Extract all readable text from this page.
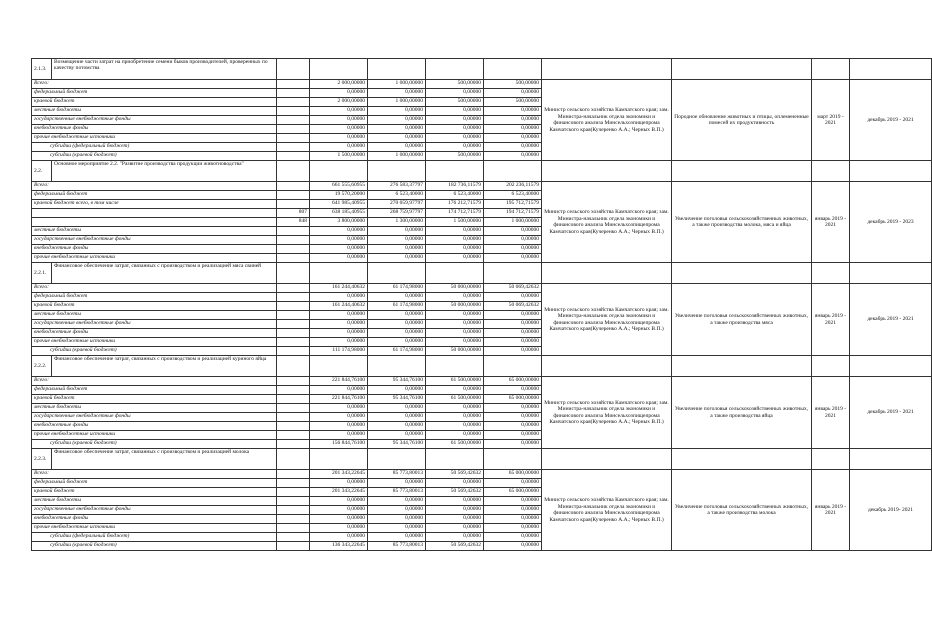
2.1.3.	Возмещение части затрат на приобретение семени быков производителей, проверенных по качеству потомства									
Всего:			2 000,00000	1 000,00000	500,00000	500,00000	Министр сельского хозяйства Камчатского края; зам. Министра-начальник отдела экономики и финансового анализа Минсельхозпищепрома Камчатского края(Кучеренко А.А.; Черных В.П.)	Породное обновление животных и птицы, оплемененные помесей их продуктивность	март 2019 - 2021	декабрь 2019 - 2021
федеральный бюджет			0,00000	0,00000	0,00000	0,00000				
краевой бюджет			2 000,00000	1 000,00000	500,00000	500,00000				
местные бюджеты			0,00000	0,00000	0,00000	0,00000				
государственные внебюджетные фонды			0,00000	0,00000	0,00000	0,00000				
внебюджетные фонды			0,00000	0,00000	0,00000	0,00000				
прочие внебюджетные источники			0,00000	0,00000	0,00000	0,00000				
субсидии (федеральный бюджет)			0,00000	0,00000	0,00000	0,00000				
субсидии (краевой бюджет)			1 500,00000	1 000,00000	500,00000	0,00000				
2.2.	Основное мероприятие 2.2. "Развитие производства продукции животноводства"									
Всего:			661 555,60955	276 583,37797	182 736,11579	202 236,11579	Министр сельского хозяйства Камчатского края; зам. Министра-начальник отдела экономики и финансового анализа Минсельхозпищепрома Камчатского края(Кучеренко А.А.; Черных В.П.)	Увеличение поголовья сельскохозяйственных животных, а также производства молока, мяса и яйца	январь 2019 - 2021	декабрь 2019 - 2023
федеральный бюджет			19 570,20000	6 523,40000	6 523,40000	6 523,40000				
краевой бюджет всего, в том числе			641 985,40955	270 059,97797	176 212,71579	195 712,71579				
		807	638 185,40955	268 759,97797	174 712,71579	194 712,71579				
		848	3 800,00000	1 300,00000	1 500,00000	1 000,00000				
местные бюджеты			0,00000	0,00000	0,00000	0,00000				
государственные внебюджетные фонды			0,00000	0,00000	0,00000	0,00000				
внебюджетные фонды			0,00000	0,00000	0,00000	0,00000				
прочие внебюджетные источники			0,00000	0,00000	0,00000	0,00000				
2.2.1.	Финансовое обеспечение затрат, связанных с производством и реализацией мяса свиней									
Всего:			161 244,40632	61 174,98000	50 000,00000	50 069,42632	Министр сельского хозяйства Камчатского края; зам. Министра-начальник отдела экономики и финансового анализа Минсельхозпищепрома Камчатского края(Кучеренко А.А.; Черных В.П.)	Увеличение поголовья сельскохозяйственных животных, а также производства мяса	январь 2019 - 2021	декабрь 2019 - 2021
федеральный бюджет			0,00000	0,00000	0,00000	0,00000				
краевой бюджет			161 244,40632	61 174,98000	50 000,00000	50 069,42632				
местные бюджеты			0,00000	0,00000	0,00000	0,00000				
государственные внебюджетные фонды			0,00000	0,00000	0,00000	0,00000				
внебюджетные фонды			0,00000	0,00000	0,00000	0,00000				
прочие внебюджетные источники			0,00000	0,00000	0,00000	0,00000				
субсидии (краевой бюджет)			111 174,98000	61 174,98000	50 000,00000	0,00000				
2.2.2.	Финансовое обеспечение затрат, связанных с производством и реализацией куриного яйца									
Всего:			221 844,76100	95 344,76100	61 500,00000	65 000,00000	Министр сельского хозяйства Камчатского края; зам. Министра-начальник отдела экономики и финансового анализа Минсельхозпищепрома Камчатского края(Кучеренко А.А.; Черных В.П.)	Увеличение поголовья сельскохозяйственных животных, а также производства яйца	январь 2019 - 2021	декабрь 2019 - 2021
федеральный бюджет			0,00000	0,00000	0,00000	0,00000				
краевой бюджет			221 844,76100	95 344,76100	61 500,00000	65 000,00000				
местные бюджеты			0,00000	0,00000	0,00000	0,00000				
государственные внебюджетные фонды			0,00000	0,00000	0,00000	0,00000				
внебюджетные фонды			0,00000	0,00000	0,00000	0,00000				
прочие внебюджетные источники			0,00000	0,00000	0,00000	0,00000				
субсидии (краевой бюджет)			156 844,76100	95 344,76100	61 500,00000	0,00000				
2.2.3.	Финансовое обеспечение затрат, связанных с производством и реализацией молока									
Всего:			201 343,22645	85 773,80013	50 569,42632	65 000,00000	Министр сельского хозяйства Камчатского края; зам. Министра-начальник отдела экономики и финансового анализа Минсельхозпищепрома Камчатского края(Кучеренко А.А.; Черных В.П.)	Увеличение поголовья сельскохозяйственных животных, а также производства молока	январь 2019 - 2021	декабрь 2019- 2021
федеральный бюджет			0,00000	0,00000	0,00000	0,00000				
краевой бюджет			201 343,22645	85 773,80013	50 569,42632	65 000,00000				
местные бюджеты			0,00000	0,00000	0,00000	0,00000				
государственные внебюджетные фонды			0,00000	0,00000	0,00000	0,00000				
внебюджетные фонды			0,00000	0,00000	0,00000	0,00000				
прочие внебюджетные источники			0,00000	0,00000	0,00000	0,00000				
субсидии (федеральный бюджет)			0,00000	0,00000	0,00000	0,00000				
субсидии (краевой бюджет)			136 343,22645	85 773,80013	50 569,42632	0,00000				
